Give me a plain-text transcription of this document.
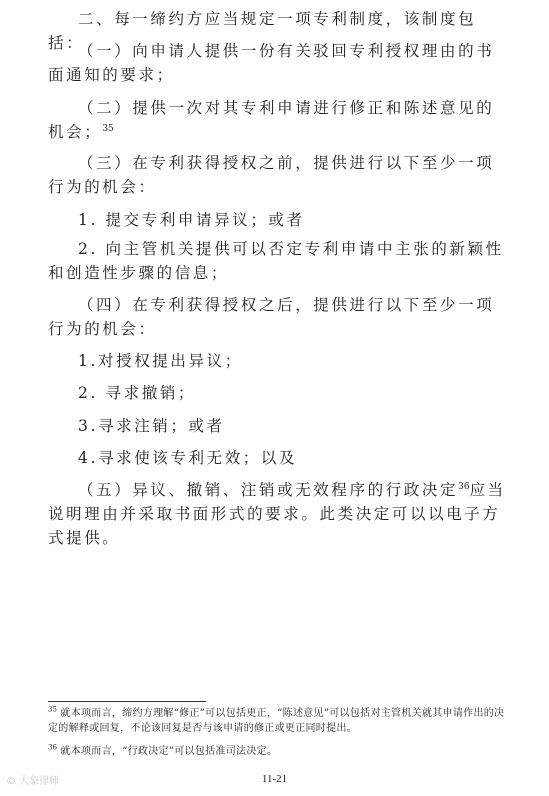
二、每一缔约方应当规定一项专利制度，该制度包括：

（一）向申请人提供一份有关驳回专利授权理由的书面通知的要求；

（二）提供一次对其专利申请进行修正和陈述意见的机会；$^{35}$

（三）在专利获得授权之前，提供进行以下至少一项行为的机会：

1. 提交专利申请异议；或者

2. 向主管机关提供可以否定专利申请中主张的新颖性和创造性步骤的信息；

（四）在专利获得授权之后，提供进行以下至少一项行为的机会：

1.对授权提出异议；

2. 寻求撤销；

3.寻求注销；或者

4.寻求使该专利无效；以及

（五）异议、撤销、注销或无效程序的行政决定$^{36}$应当说明理由并采取书面形式的要求。此类决定可以以电子方式提供。

$^{35}$ 就本项而言，缔约方理解“修正”可以包括更正，“陈述意见”可以包括对主管机关就其申请作出的决定的解释或回复，不论该回复是否与该申请的修正或更正同时提出。
$^{36}$ 就本项而言，“行政决定”可以包括准司法决定。
© 大象律师	11-21
